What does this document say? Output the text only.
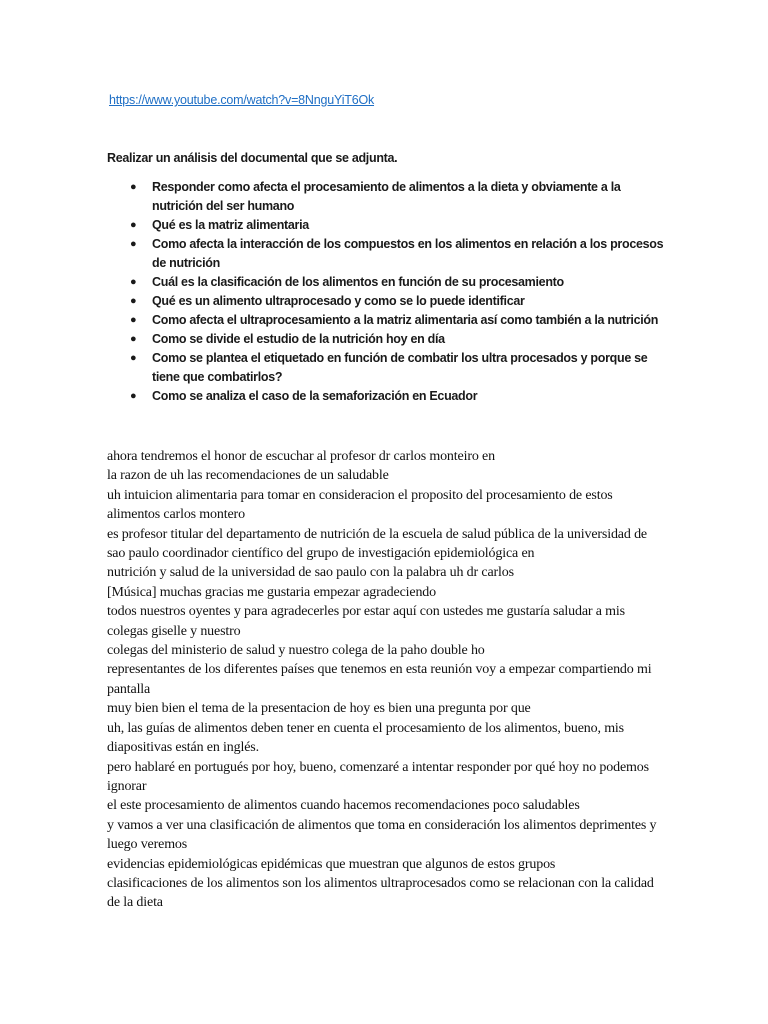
https://www.youtube.com/watch?v=8NnguYiT6Ok
Realizar un análisis del documental que se adjunta.
● Responder como afecta el procesamiento de alimentos a la dieta y obviamente a la nutrición del ser humano
● Qué es la matriz alimentaria
● Como afecta la interacción de los compuestos en los alimentos en relación a los procesos de nutrición
● Cuál es la clasificación de los alimentos en función de su procesamiento
● Qué es un alimento ultraprocesado y como se lo puede identificar
● Como afecta el ultraprocesamiento a la matriz alimentaria así como también a la nutrición
● Como se divide el estudio de la nutrición hoy en día
● Como se plantea el etiquetado en función de combatir los ultra procesados y porque se tiene que combatirlos?
● Como se analiza el caso de la semaforización en Ecuador

ahora tendremos el honor de escuchar al profesor dr carlos monteiro en

la razon de uh las recomendaciones de un saludable

uh intuicion alimentaria para tomar en consideracion el proposito del procesamiento de estos alimentos carlos montero

es profesor titular del departamento de nutrición de la escuela de salud pública de la universidad de sao paulo coordinador científico del grupo de investigación epidemiológica en

nutrición y salud de la universidad de sao paulo con la palabra uh dr carlos

[Música] muchas gracias me gustaria empezar agradeciendo

todos nuestros oyentes y para agradecerles por estar aquí con ustedes me gustaría saludar a mis colegas giselle y nuestro

colegas del ministerio de salud y nuestro colega de la paho double ho

representantes de los diferentes países que tenemos en esta reunión voy a empezar compartiendo mi pantalla

muy bien bien el tema de la presentacion de hoy es bien una pregunta por que

uh, las guías de alimentos deben tener en cuenta el procesamiento de los alimentos, bueno, mis diapositivas están en inglés.

pero hablaré en portugués por hoy, bueno, comenzaré a intentar responder por qué hoy no podemos ignorar

el este procesamiento de alimentos cuando hacemos recomendaciones poco saludables

y vamos a ver una clasificación de alimentos que toma en consideración los alimentos deprimentes y luego veremos

evidencias epidemiológicas epidémicas que muestran que algunos de estos grupos

clasificaciones de los alimentos son los alimentos ultraprocesados como se relacionan con la calidad de la dieta
